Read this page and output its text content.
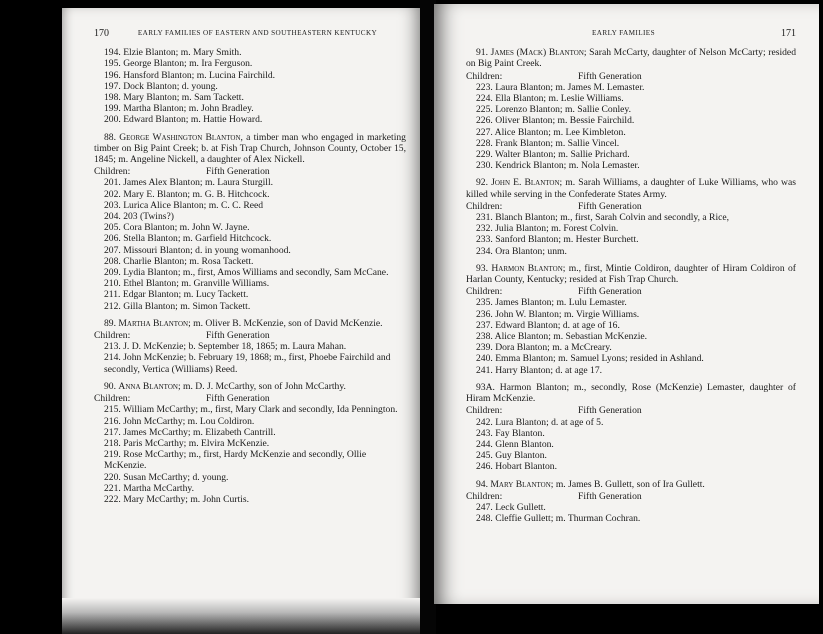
170	EARLY FAMILIES OF EASTERN AND SOUTHEASTERN KENTUCKY
194. Elzie Blanton; m. Mary Smith.
195. George Blanton; m. Ira Ferguson.
196. Hansford Blanton; m. Lucina Fairchild.
197. Dock Blanton; d. young.
198. Mary Blanton; m. Sam Tackett.
199. Martha Blanton; m. John Bradley.
200. Edward Blanton; m. Hattie Howard.
88. George Washington Blanton, a timber man who engaged in marketing timber on Big Paint Creek; b. at Fish Trap Church, Johnson County, October 15, 1845; m. Angeline Nickell, a daughter of Alex Nickell.
Children:	Fifth Generation
201. James Alex Blanton; m. Laura Sturgill.
202. Mary E. Blanton; m. G. B. Hitchcock.
203. Lurica Alice Blanton; m. C. C. Reed
204. 203 (Twins?)
205. Cora Blanton; m. John W. Jayne.
206. Stella Blanton; m. Garfield Hitchcock.
207. Missouri Blanton; d. in young womanhood.
208. Charlie Blanton; m. Rosa Tackett.
209. Lydia Blanton; m., first, Amos Williams and secondly, Sam McCane.
210. Ethel Blanton; m. Granville Williams.
211. Edgar Blanton; m. Lucy Tackett.
212. Gilla Blanton; m. Simon Tackett.
89. Martha Blanton; m. Oliver B. McKenzie, son of David McKenzie.
Children:	Fifth Generation
213. J. D. McKenzie; b. September 18, 1865; m. Laura Mahan.
214. John McKenzie; b. February 19, 1868; m., first, Phoebe Fairchild and secondly, Vertica (Williams) Reed.
90. Anna Blanton; m. D. J. McCarthy, son of John McCarthy.
Children:	Fifth Generation
215. William McCarthy; m., first, Mary Clark and secondly, Ida Pennington.
216. John McCarthy; m. Lou Coldiron.
217. James McCarthy; m. Elizabeth Cantrill.
218. Paris McCarthy; m. Elvira McKenzie.
219. Rose McCarthy; m., first, Hardy McKenzie and secondly, Ollie McKenzie.
220. Susan McCarthy; d. young.
221. Martha McCarthy.
222. Mary McCarthy; m. John Curtis.
EARLY FAMILIES	171
91. James (Mack) Blanton; Sarah McCarty, daughter of Nelson McCarty; resided on Big Paint Creek.
Children:	Fifth Generation
223. Laura Blanton; m. James M. Lemaster.
224. Ella Blanton; m. Leslie Williams.
225. Lorenzo Blanton; m. Sallie Conley.
226. Oliver Blanton; m. Bessie Fairchild.
227. Alice Blanton; m. Lee Kimbleton.
228. Frank Blanton; m. Sallie Vincel.
229. Walter Blanton; m. Sallie Prichard.
230. Kendrick Blanton; m. Nola Lemaster.
92. John E. Blanton; m. Sarah Williams, a daughter of Luke Williams, who was killed while serving in the Confederate States Army.
Children:	Fifth Generation
231. Blanch Blanton; m., first, Sarah Colvin and secondly, a Rice,
232. Julia Blanton; m. Forest Colvin.
233. Sanford Blanton; m. Hester Burchett.
234. Ora Blanton; unm.
93. Harmon Blanton; m., first, Mintie Coldiron, daughter of Hiram Coldiron of Harlan County, Kentucky; resided at Fish Trap Church.
Children:	Fifth Generation
235. James Blanton; m. Lulu Lemaster.
236. John W. Blanton; m. Virgie Williams.
237. Edward Blanton; d. at age of 16.
238. Alice Blanton; m. Sebastian McKenzie.
239. Dora Blanton; m. a McCreary.
240. Emma Blanton; m. Samuel Lyons; resided in Ashland.
241. Harry Blanton; d. at age 17.
93A. Harmon Blanton; m., secondly, Rose (McKenzie) Lemaster, daughter of Hiram McKenzie.
Children:	Fifth Generation
242. Lura Blanton; d. at age of 5.
243. Fay Blanton.
244. Glenn Blanton.
245. Guy Blanton.
246. Hobart Blanton.
94. Mary Blanton; m. James B. Gullett, son of Ira Gullett.
Children:	Fifth Generation
247. Leck Gullett.
248. Cleffie Gullett; m. Thurman Cochran.
